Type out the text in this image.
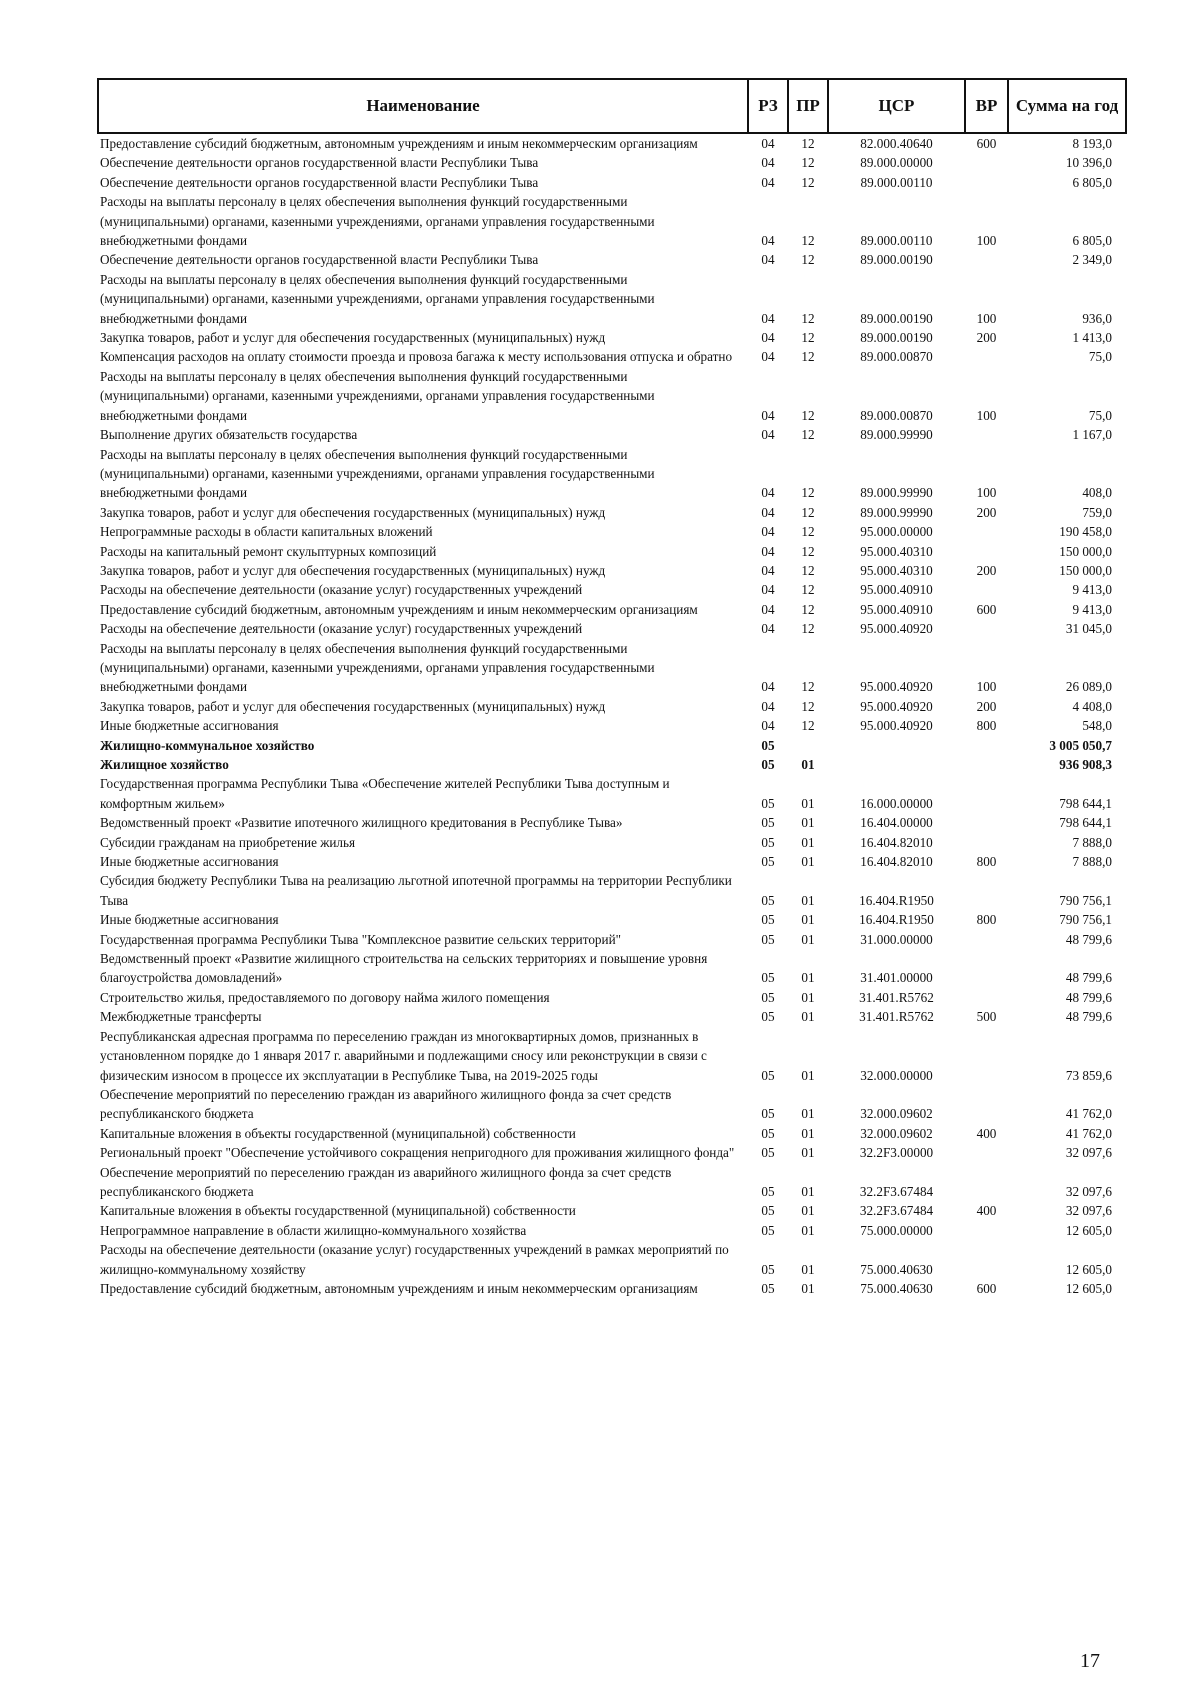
Наименование	РЗ	ПР	ЦСР	ВР	Сумма на год
Предоставление субсидий бюджетным, автономным учреждениям и иным некоммерческим организациям	04	12	82.000.40640	600	8 193,0
Обеспечение деятельности органов государственной власти Республики Тыва	04	12	89.000.00000		10 396,0
Обеспечение деятельности органов государственной власти Республики Тыва	04	12	89.000.00110		6 805,0
Расходы на выплаты персоналу в целях обеспечения выполнения функций государственными (муниципальными) органами, казенными учреждениями, органами управления государственными внебюджетными фондами	04	12	89.000.00110	100	6 805,0
Обеспечение деятельности органов государственной власти Республики Тыва	04	12	89.000.00190		2 349,0
Расходы на выплаты персоналу в целях обеспечения выполнения функций государственными (муниципальными) органами, казенными учреждениями, органами управления государственными внебюджетными фондами	04	12	89.000.00190	100	936,0
Закупка товаров, работ и услуг для обеспечения государственных (муниципальных) нужд	04	12	89.000.00190	200	1 413,0
Компенсация расходов на оплату стоимости проезда и провоза багажа к месту использования отпуска и обратно	04	12	89.000.00870		75,0
Расходы на выплаты персоналу в целях обеспечения выполнения функций государственными (муниципальными) органами, казенными учреждениями, органами управления государственными внебюджетными фондами	04	12	89.000.00870	100	75,0
Выполнение других обязательств государства	04	12	89.000.99990		1 167,0
Расходы на выплаты персоналу в целях обеспечения выполнения функций государственными (муниципальными) органами, казенными учреждениями, органами управления государственными внебюджетными фондами	04	12	89.000.99990	100	408,0
Закупка товаров, работ и услуг для обеспечения государственных (муниципальных) нужд	04	12	89.000.99990	200	759,0
Непрограммные расходы в области капитальных вложений	04	12	95.000.00000		190 458,0
Расходы на капитальный ремонт скульптурных композиций	04	12	95.000.40310		150 000,0
Закупка товаров, работ и услуг для обеспечения государственных (муниципальных) нужд	04	12	95.000.40310	200	150 000,0
Расходы на обеспечение деятельности (оказание услуг) государственных учреждений	04	12	95.000.40910		9 413,0
Предоставление субсидий бюджетным, автономным учреждениям и иным некоммерческим организациям	04	12	95.000.40910	600	9 413,0
Расходы на обеспечение деятельности (оказание услуг) государственных учреждений	04	12	95.000.40920		31 045,0
Расходы на выплаты персоналу в целях обеспечения выполнения функций государственными (муниципальными) органами, казенными учреждениями, органами управления государственными внебюджетными фондами	04	12	95.000.40920	100	26 089,0
Закупка товаров, работ и услуг для обеспечения государственных (муниципальных) нужд	04	12	95.000.40920	200	4 408,0
Иные бюджетные ассигнования	04	12	95.000.40920	800	548,0
Жилищно-коммунальное хозяйство	05				3 005 050,7
Жилищное хозяйство	05	01			936 908,3
Государственная программа Республики Тыва «Обеспечение жителей Республики Тыва доступным и комфортным жильем»	05	01	16.000.00000		798 644,1
Ведомственный проект «Развитие ипотечного жилищного кредитования в Республике Тыва»	05	01	16.404.00000		798 644,1
Субсидии гражданам на приобретение жилья	05	01	16.404.82010		7 888,0
Иные бюджетные ассигнования	05	01	16.404.82010	800	7 888,0
Субсидия бюджету Республики Тыва на реализацию льготной ипотечной программы на территории Республики Тыва	05	01	16.404.R1950		790 756,1
Иные бюджетные ассигнования	05	01	16.404.R1950	800	790 756,1
Государственная программа Республики Тыва "Комплексное развитие сельских территорий"	05	01	31.000.00000		48 799,6
Ведомственный проект «Развитие жилищного строительства на сельских территориях и повышение уровня благоустройства домовладений»	05	01	31.401.00000		48 799,6
Строительство жилья, предоставляемого по договору найма жилого помещения	05	01	31.401.R5762		48 799,6
Межбюджетные трансферты	05	01	31.401.R5762	500	48 799,6
Республиканская адресная программа по переселению граждан из многоквартирных домов, признанных в установленном порядке до 1 января 2017 г. аварийными и подлежащими сносу или реконструкции в связи с физическим износом в процессе их эксплуатации в Республике Тыва, на 2019-2025 годы	05	01	32.000.00000		73 859,6
Обеспечение мероприятий по переселению граждан из аварийного жилищного фонда за счет средств республиканского бюджета	05	01	32.000.09602		41 762,0
Капитальные вложения в объекты государственной (муниципальной) собственности	05	01	32.000.09602	400	41 762,0
Региональный проект "Обеспечение устойчивого сокращения непригодного для проживания жилищного фонда"	05	01	32.2F3.00000		32 097,6
Обеспечение мероприятий по переселению граждан из аварийного жилищного фонда за счет средств республиканского бюджета	05	01	32.2F3.67484		32 097,6
Капитальные вложения в объекты государственной (муниципальной) собственности	05	01	32.2F3.67484	400	32 097,6
Непрограммное направление в области жилищно-коммунального хозяйства	05	01	75.000.00000		12 605,0
Расходы на обеспечение деятельности (оказание услуг) государственных учреждений в рамках мероприятий по жилищно-коммунальному хозяйству	05	01	75.000.40630		12 605,0
Предоставление субсидий бюджетным, автономным учреждениям и иным некоммерческим организациям	05	01	75.000.40630	600	12 605,0
17
